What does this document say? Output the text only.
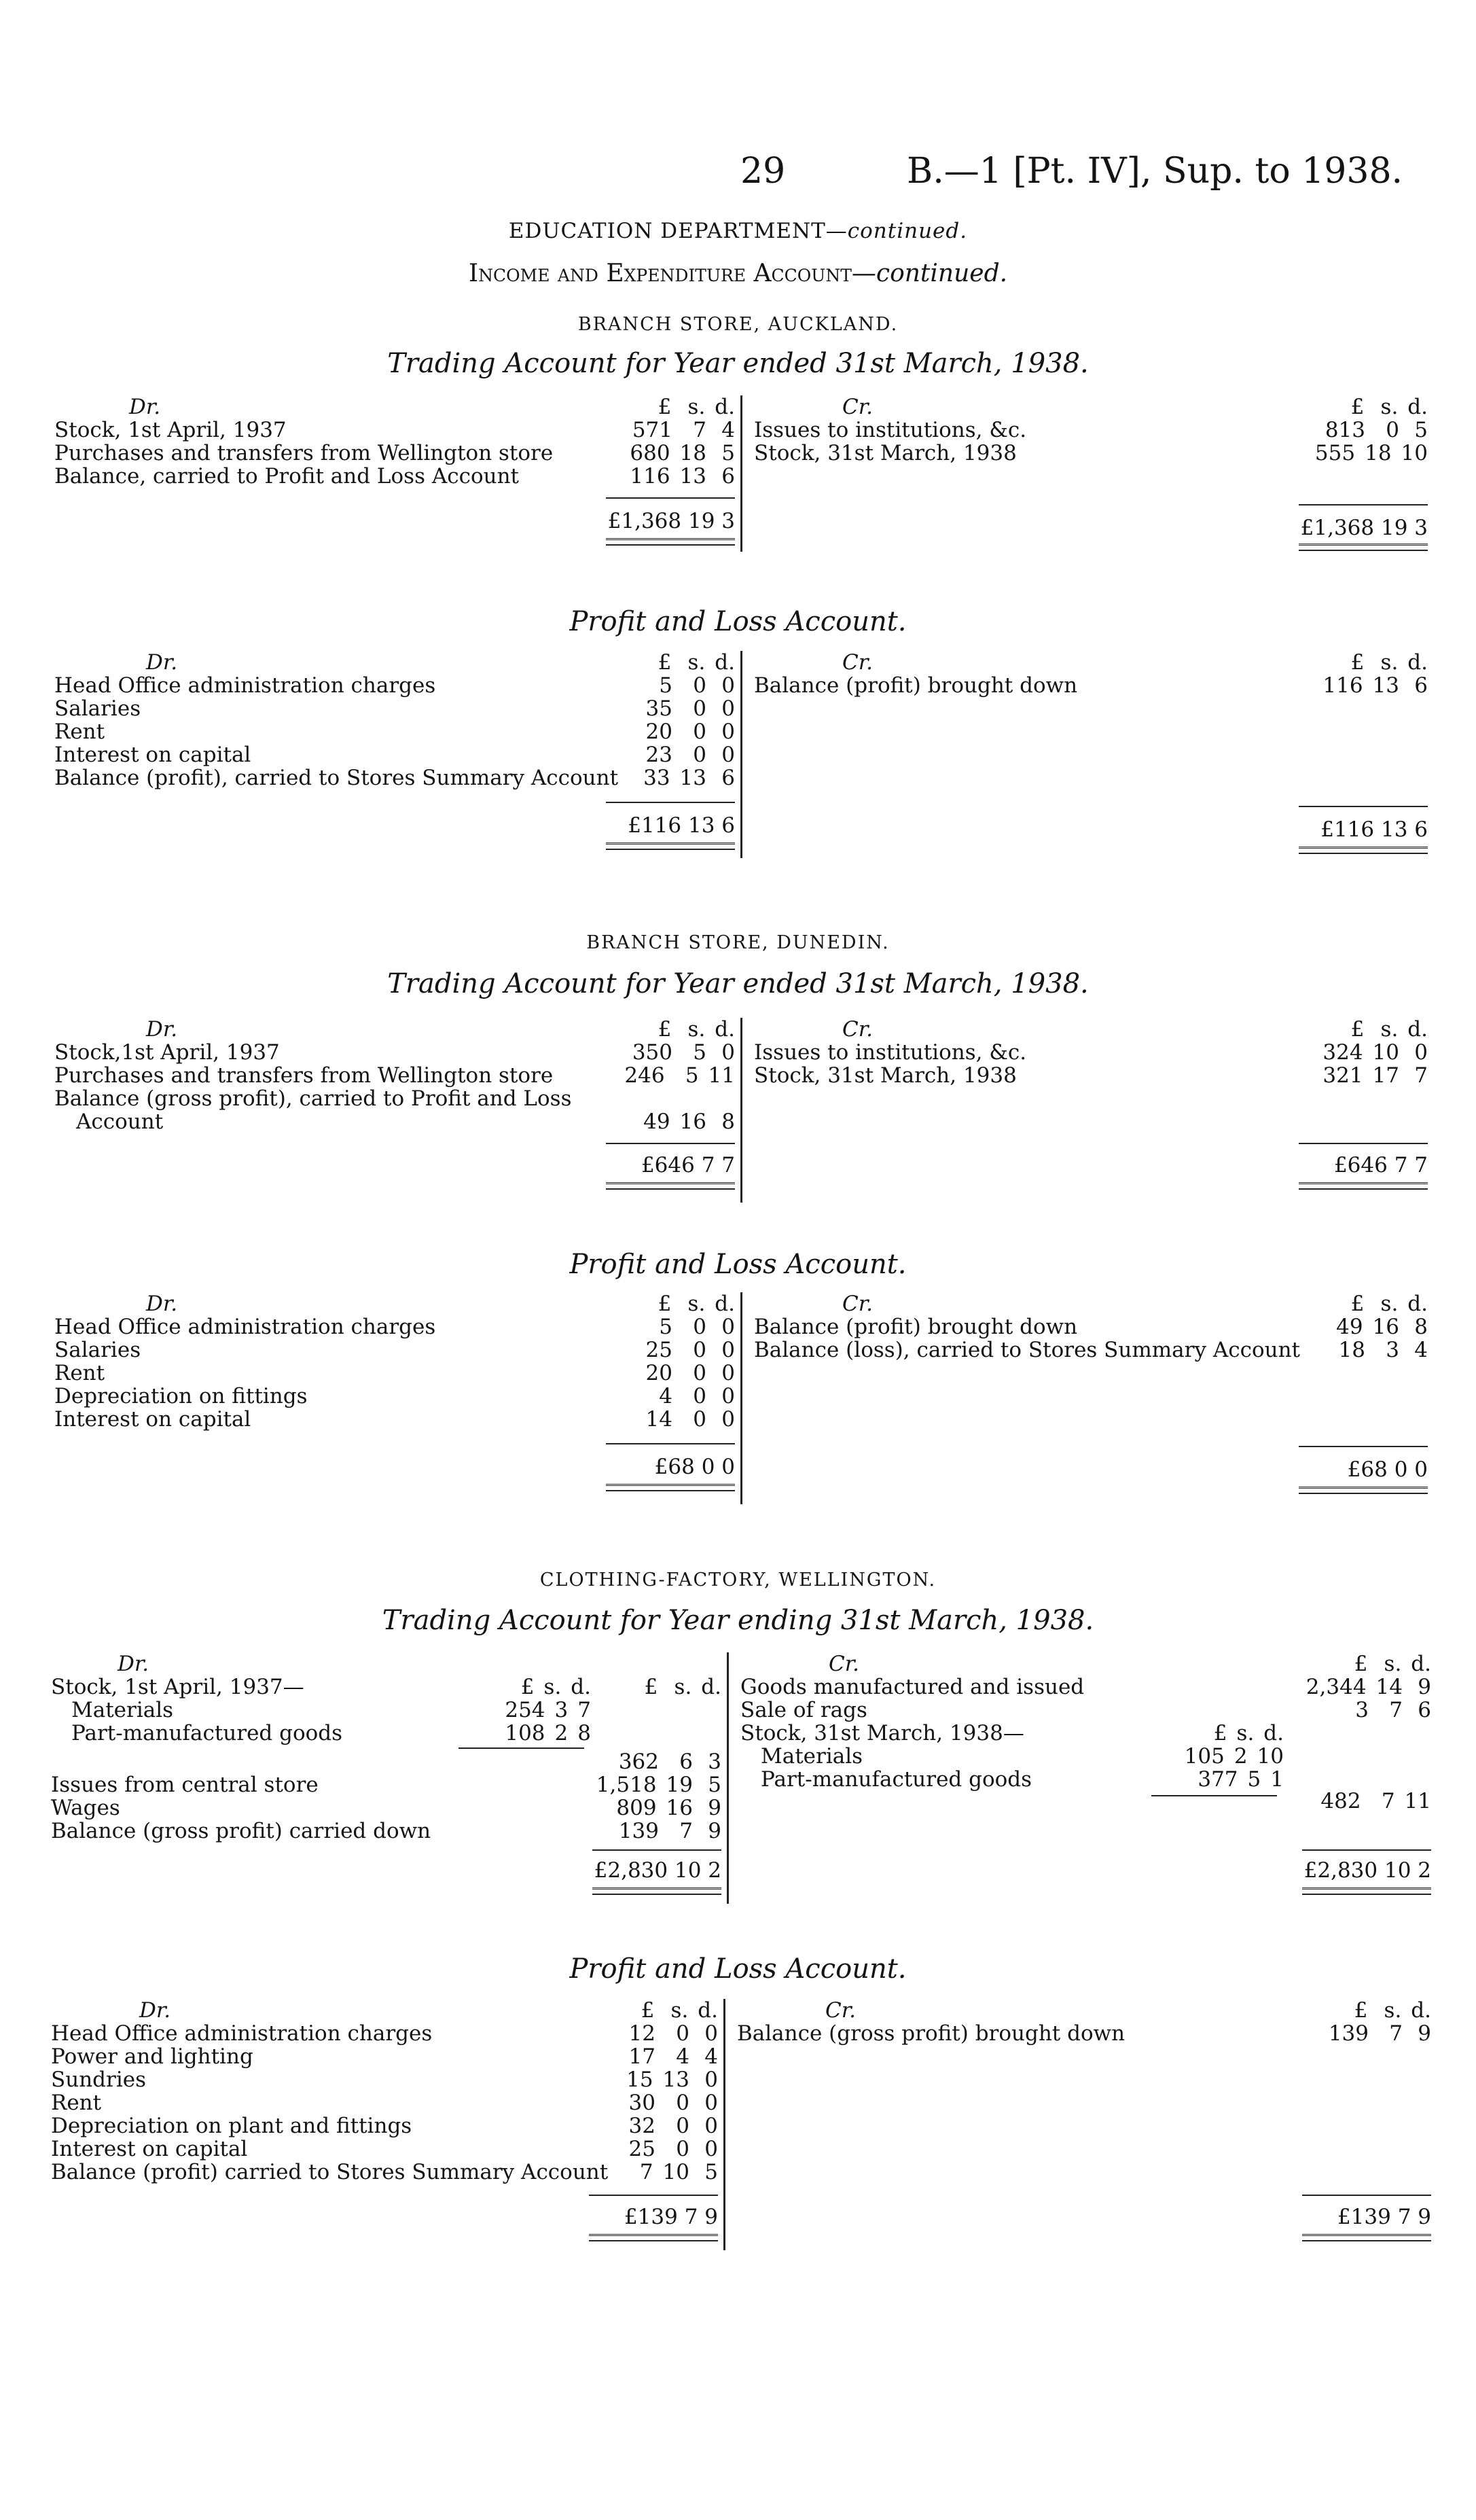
29	B.—1 [Pt. IV], Sup. to 1938.
EDUCATION DEPARTMENT—continued.
Income and Expenditure Account—continued.
BRANCH STORE, AUCKLAND.
Trading Account for Year ended 31st March, 1938.
Dr.	£ s. d.
Stock, 1st April, 1937	571 7 4
Purchases and transfers from Wellington store	680 18 5
Balance, carried to Profit and Loss Account	116 13 6
£1,368 19 3
Cr.	£ s. d.
Issues to institutions, &c.	813 0 5
Stock, 31st March, 1938	555 18 10
£1,368 19 3
Profit and Loss Account.
Dr.	£ s. d.
Head Office administration charges	5 0 0
Salaries	35 0 0
Rent	20 0 0
Interest on capital	23 0 0
Balance (profit), carried to Stores Summary Account	33 13 6
£116 13 6
Cr.	£ s. d.
Balance (profit) brought down	116 13 6
£116 13 6
BRANCH STORE, DUNEDIN.
Trading Account for Year ended 31st March, 1938.
Dr.	£ s. d.
Stock,1st April, 1937	350 5 0
Purchases and transfers from Wellington store	246 5 11
Balance (gross profit), carried to Profit and Loss
Account	49 16 8
£646 7 7
Cr.	£ s. d.
Issues to institutions, &c.	324 10 0
Stock, 31st March, 1938	321 17 7
£646 7 7
Profit and Loss Account.
Dr.	£ s. d.
Head Office administration charges	5 0 0
Salaries	25 0 0
Rent	20 0 0
Depreciation on fittings	4 0 0
Interest on capital	14 0 0
£68 0 0
Cr.	£ s. d.
Balance (profit) brought down	49 16 8
Balance (loss), carried to Stores Summary Account	18 3 4
£68 0 0
CLOTHING-FACTORY, WELLINGTON.
Trading Account for Year ending 31st March, 1938.
Dr.
Stock, 1st April, 1937—	£ s. d.	£ s. d.
Materials	254 3 7
Part-manufactured goods	108 2 8
362 6 3
Issues from central store	1,518 19 5
Wages	809 16 9
Balance (gross profit) carried down	139 7 9
£2,830 10 2
Cr.	£ s. d.
Goods manufactured and issued	2,344 14 9
Sale of rags	3 7 6
Stock, 31st March, 1938—	£ s. d.
Materials	105 2 10
Part-manufactured goods	377 5 1
482 7 11
£2,830 10 2
Profit and Loss Account.
Dr.	£ s. d.
Head Office administration charges	12 0 0
Power and lighting	17 4 4
Sundries	15 13 0
Rent	30 0 0
Depreciation on plant and fittings	32 0 0
Interest on capital	25 0 0
Balance (profit) carried to Stores Summary Account	7 10 5
£139 7 9
Cr.	£ s. d.
Balance (gross profit) brought down	139 7 9
£139 7 9
